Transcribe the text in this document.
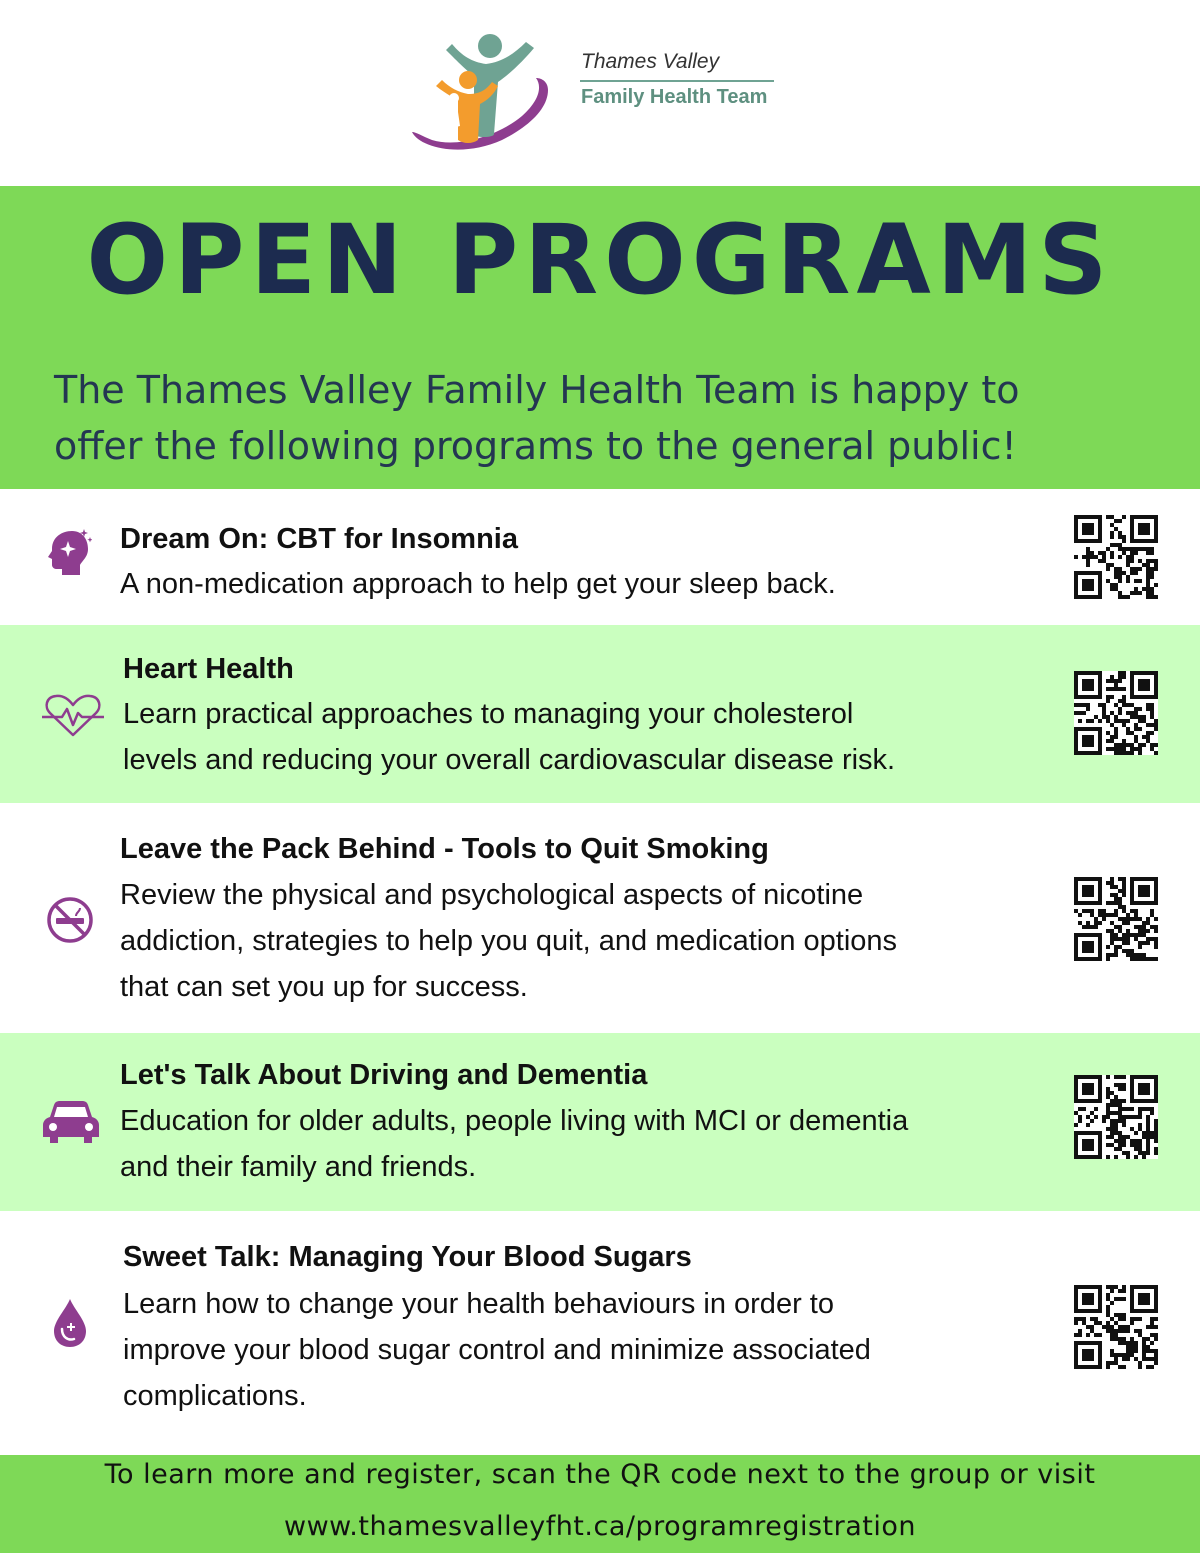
Thames Valley
Family Health Team
OPEN PROGRAMS
The Thames Valley Family Health Team is happy to
offer the following programs to the general public!
Dream On: CBT for Insomnia
A non-medication approach to help get your sleep back.
Heart Health
Learn practical approaches to managing your cholesterol
levels and reducing your overall cardiovascular disease risk.
Leave the Pack Behind - Tools to Quit Smoking
Review the physical and psychological aspects of nicotine
addiction, strategies to help you quit, and medication options
that can set you up for success.
Let's Talk About Driving and Dementia
Education for older adults, people living with MCI or dementia
and their family and friends.
Sweet Talk: Managing Your Blood Sugars
Learn how to change your health behaviours in order to
improve your blood sugar control and minimize associated
complications.
To learn more and register, scan the QR code next to the group or visit
www.thamesvalleyfht.ca/programregistration
